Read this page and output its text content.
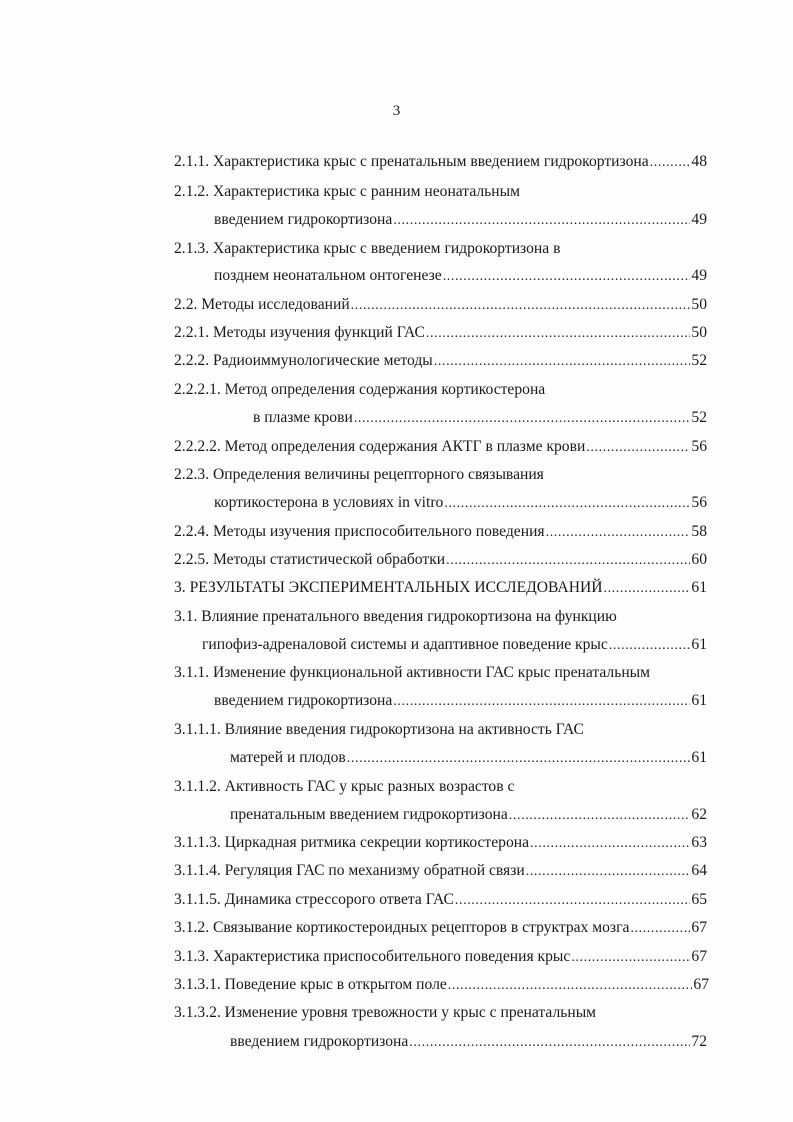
3
2.1.1. Характеристика крыс с пренатальным введением гидрокортизона .....	48
2.1.2. Характеристика крыс с ранним неонатальным
введением гидрокортизона .....	49
2.1.3. Характеристика крыс с введением гидрокортизона в
позднем неонатальном онтогенезе .....	49
2.2. Методы исследований .....	50
2.2.1. Методы изучения функций ГАС .....	50
2.2.2. Радиоиммунологические методы .....	52
2.2.2.1. Метод определения содержания кортикостерона
в плазме крови .....	52
2.2.2.2. Метод определения содержания АКТГ в плазме крови .....	56
2.2.3. Определения величины рецепторного связывания
кортикостерона в условиях in vitro .....	56
2.2.4. Методы изучения приспособительного поведения .....	58
2.2.5. Методы статистической обработки .....	60
3. РЕЗУЛЬТАТЫ ЭКСПЕРИМЕНТАЛЬНЫХ ИССЛЕДОВАНИЙ .....	61
3.1. Влияние пренатального введения гидрокортизона на функцию
гипофиз-адреналовой системы и адаптивное поведение крыс .....	61
3.1.1. Изменение функциональной активности ГАС крыс пренатальным
введением гидрокортизона .....	61
3.1.1.1. Влияние введения гидрокортизона на активность ГАС
матерей и плодов .....	61
3.1.1.2. Активность ГАС у крыс разных возрастов с
пренатальным введением гидрокортизона .....	62
3.1.1.3. Циркадная ритмика секреции кортикостерона .....	63
3.1.1.4. Регуляция ГАС по механизму обратной связи .....	64
3.1.1.5. Динамика стрессорого ответа ГАС .....	65
3.1.2. Связывание кортикостероидных рецепторов в структрах мозга .....	67
3.1.3. Характеристика приспособительного поведения крыс .....	67
3.1.3.1. Поведение крыс в открытом поле .....	67
3.1.3.2. Изменение уровня тревожности у крыс с пренатальным
введением гидрокортизона .....	72
